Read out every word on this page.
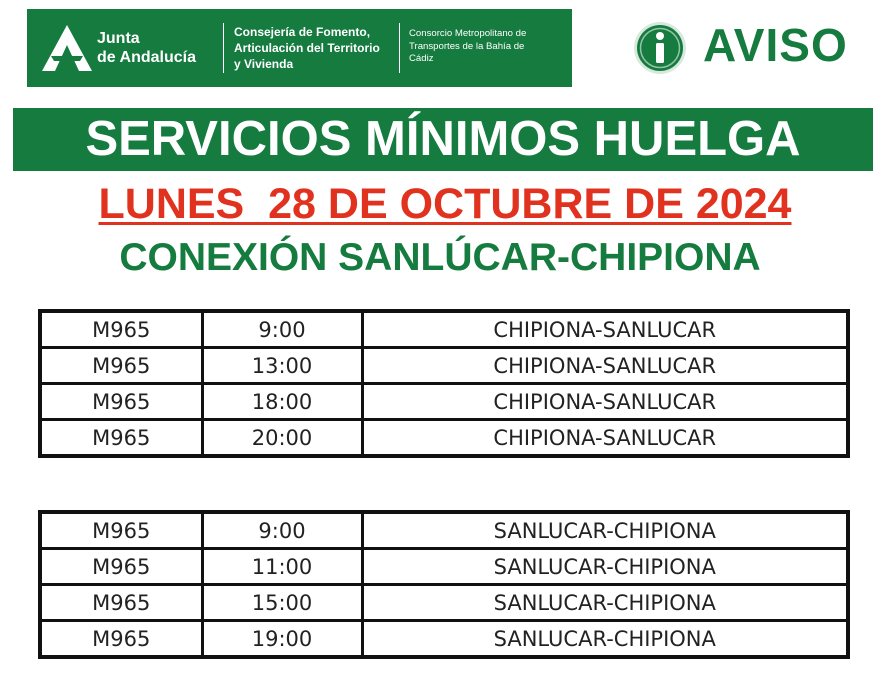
Junta
de Andalucía
Consejería de Fomento,
Articulación del Territorio
y Vivienda
Consorcio Metropolitano de
Transportes de la Bahía de
Cádiz	AVISO
SERVICIOS MÍNIMOS HUELGA
LUNES  28 DE OCTUBRE DE 2024
CONEXIÓN SANLÚCAR-CHIPIONA
M965	9:00	CHIPIONA-SANLUCAR
M965	13:00	CHIPIONA-SANLUCAR
M965	18:00	CHIPIONA-SANLUCAR
M965	20:00	CHIPIONA-SANLUCAR
M965	9:00	SANLUCAR-CHIPIONA
M965	11:00	SANLUCAR-CHIPIONA
M965	15:00	SANLUCAR-CHIPIONA
M965	19:00	SANLUCAR-CHIPIONA
